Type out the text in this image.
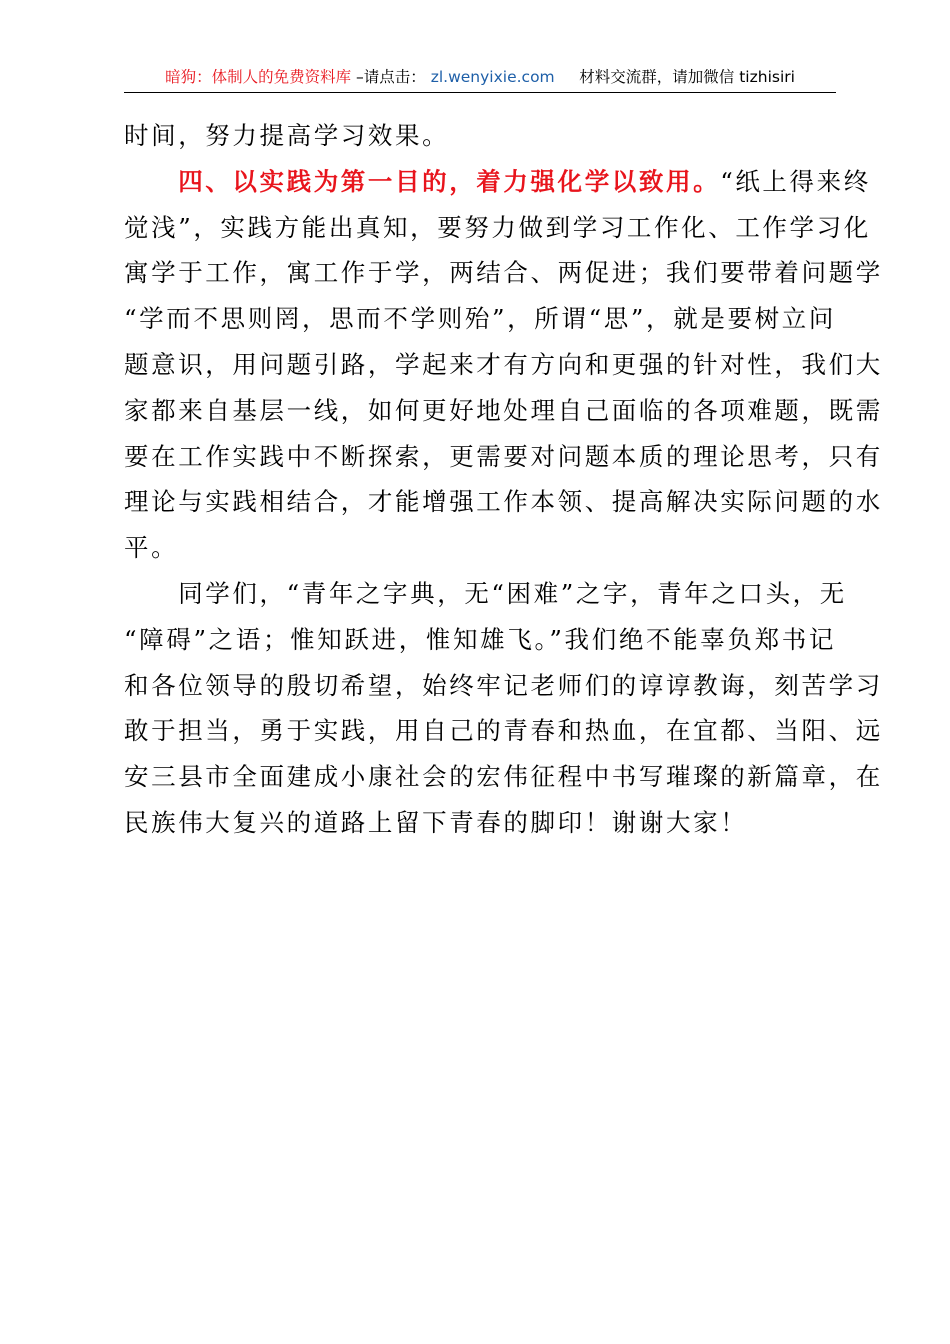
暗狗：体制人的免费资料库 –请点击： zl.wenyixie.com 材料交流群，请加微信 tizhisiri

时间，努力提高学习效果。

　　四、以实践为第一目的，着力强化学以致用。“纸上得来终
觉浅”，实践方能出真知，要努力做到学习工作化、工作学习化
寓学于工作，寓工作于学，两结合、两促进；我们要带着问题学
“学而不思则罔，思而不学则殆”，所谓“思”，就是要树立问
题意识，用问题引路，学起来才有方向和更强的针对性，我们大
家都来自基层一线，如何更好地处理自己面临的各项难题，既需
要在工作实践中不断探索，更需要对问题本质的理论思考，只有
理论与实践相结合，才能增强工作本领、提高解决实际问题的水
平。

　　同学们，“青年之字典，无“困难”之字，青年之口头，无
“障碍”之语；惟知跃进，惟知雄飞。”我们绝不能辜负郑书记
和各位领导的殷切希望，始终牢记老师们的谆谆教诲，刻苦学习
敢于担当，勇于实践，用自己的青春和热血，在宜都、当阳、远
安三县市全面建成小康社会的宏伟征程中书写璀璨的新篇章，在
民族伟大复兴的道路上留下青春的脚印！谢谢大家！
